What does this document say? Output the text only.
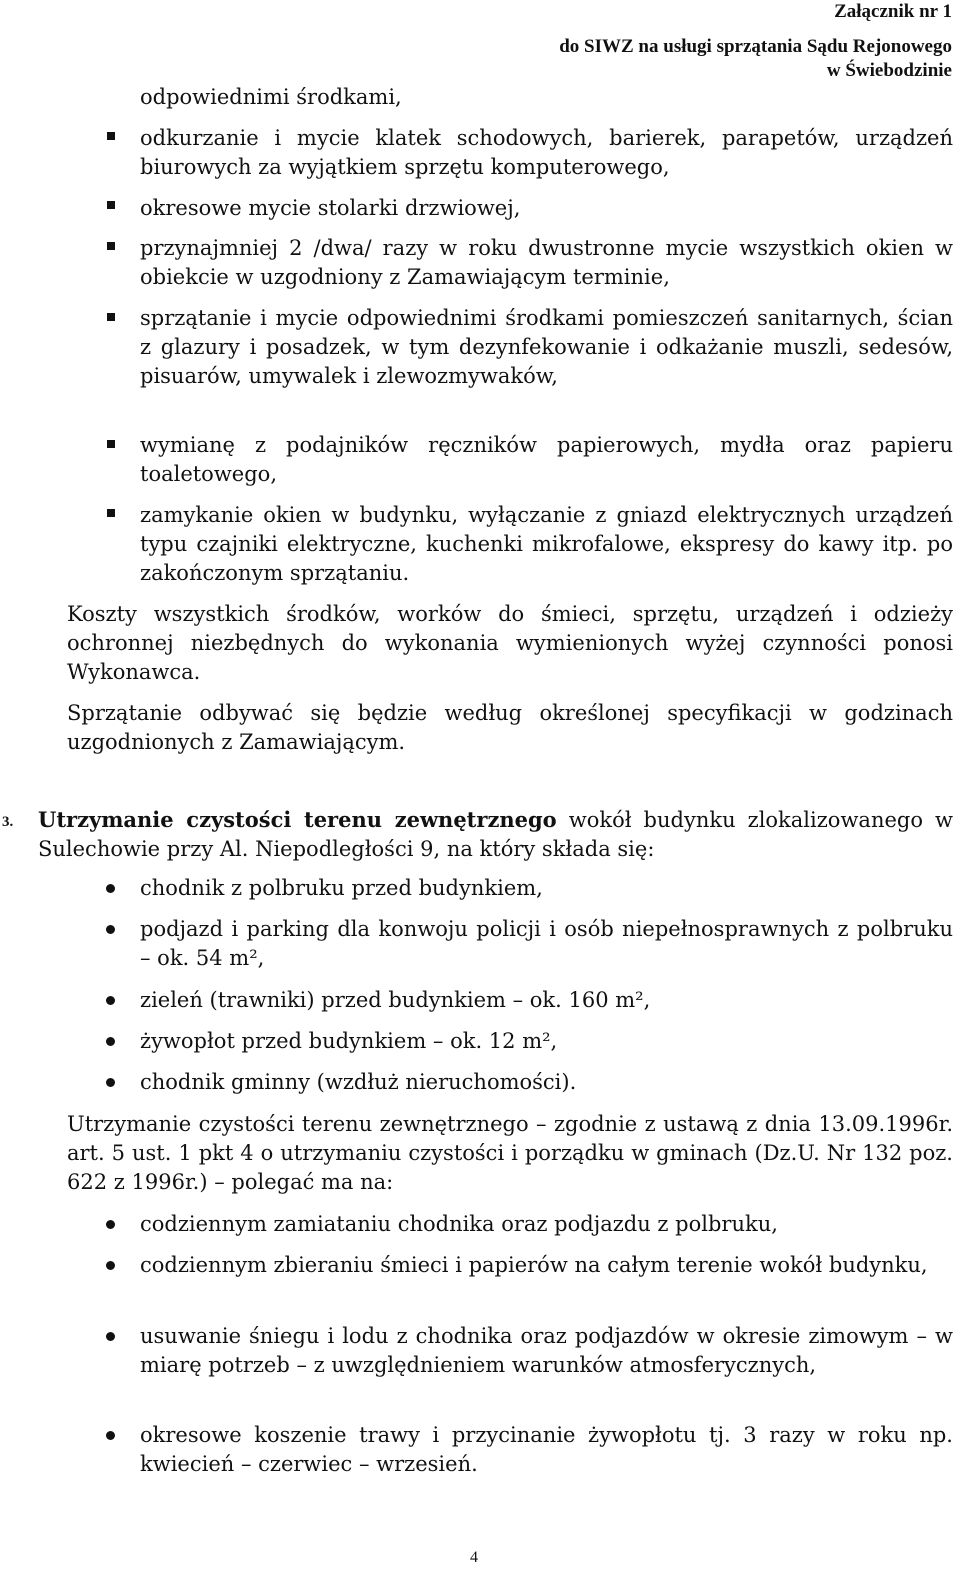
Załącznik nr 1
do SIWZ na usługi sprzątania Sądu Rejonowego
w Świebodzinie
odpowiednimi środkami,
odkurzanie i mycie klatek schodowych, barierek, parapetów, urządzeń biurowych za wyjątkiem sprzętu komputerowego,
okresowe mycie stolarki drzwiowej,
przynajmniej 2 /dwa/ razy w roku dwustronne mycie wszystkich okien w obiekcie w uzgodniony z Zamawiającym terminie,
sprzątanie i mycie odpowiednimi środkami pomieszczeń sanitarnych, ścian z glazury i posadzek, w tym dezynfekowanie i odkażanie muszli, sedesów, pisuarów, umywalek i zlewozmywaków,
wymianę z podajników ręczników papierowych, mydła oraz papieru toaletowego,
zamykanie okien w budynku, wyłączanie z gniazd elektrycznych urządzeń typu czajniki elektryczne, kuchenki mikrofalowe, ekspresy do kawy itp. po zakończonym sprzątaniu.
Koszty wszystkich środków, worków do śmieci, sprzętu, urządzeń i odzieży ochronnej niezbędnych do wykonania wymienionych wyżej czynności ponosi Wykonawca.
Sprzątanie odbywać się będzie według określonej specyfikacji w godzinach uzgodnionych z Zamawiającym.
3. Utrzymanie czystości terenu zewnętrznego wokół budynku zlokalizowanego w Sulechowie przy Al. Niepodległości 9, na który składa się:
chodnik z polbruku przed budynkiem,
podjazd i parking dla konwoju policji i osób niepełnosprawnych z polbruku – ok. 54 m²,
zieleń (trawniki) przed budynkiem – ok. 160 m²,
żywopłot przed budynkiem – ok. 12 m²,
chodnik gminny (wzdłuż nieruchomości).
Utrzymanie czystości terenu zewnętrznego – zgodnie z ustawą z dnia 13.09.1996r. art. 5 ust. 1 pkt 4 o utrzymaniu czystości i porządku w gminach (Dz.U. Nr 132 poz. 622 z 1996r.) – polegać ma na:
codziennym zamiataniu chodnika oraz podjazdu z polbruku,
codziennym zbieraniu śmieci i papierów na całym terenie wokół budynku,
usuwanie śniegu i lodu z chodnika oraz podjazdów w okresie zimowym – w miarę potrzeb – z uwzględnieniem warunków atmosferycznych,
okresowe koszenie trawy i przycinanie żywopłotu tj. 3 razy w roku np. kwiecień – czerwiec – wrzesień.
4
